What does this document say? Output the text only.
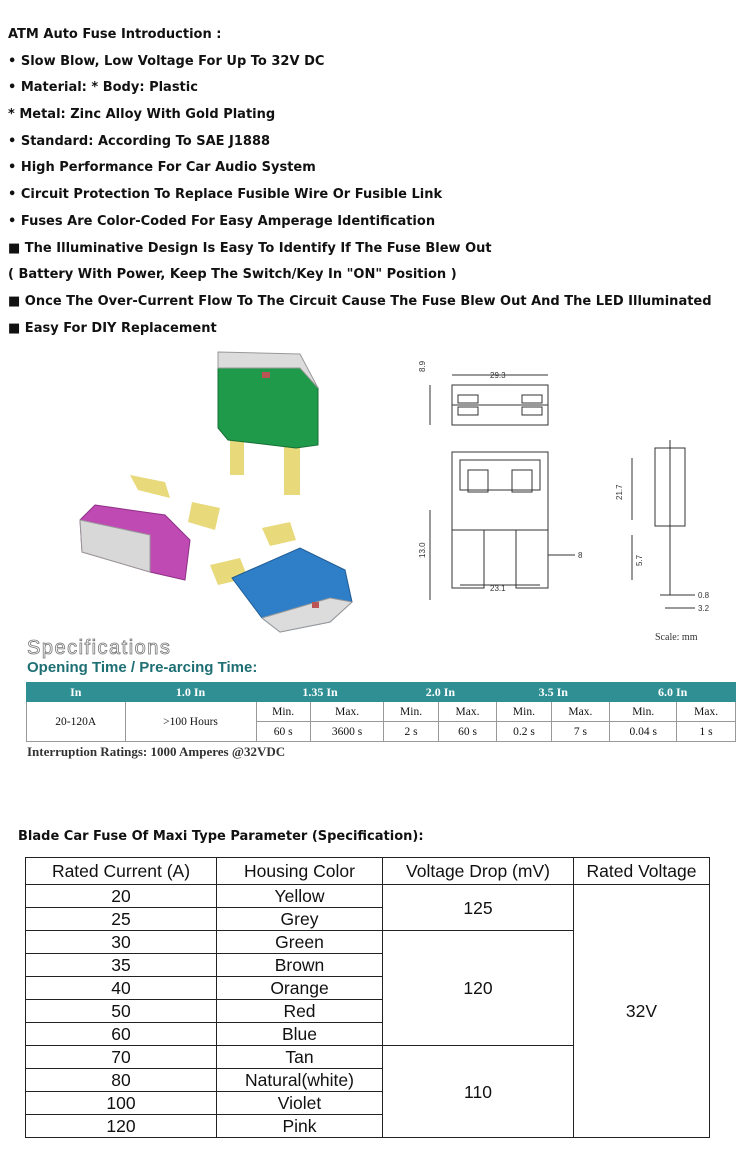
ATM Auto Fuse Introduction :
• Slow Blow, Low Voltage For Up To 32V DC
• Material: * Body: Plastic
* Metal: Zinc Alloy With Gold Plating
• Standard: According To SAE J1888
• High Performance For Car Audio System
• Circuit Protection To Replace Fusible Wire Or Fusible Link
• Fuses Are Color-Coded For Easy Amperage Identification
■ The Illuminative Design Is Easy To Identify If The Fuse Blew Out
( Battery With Power, Keep The Switch/Key In "ON" Position )
■ Once The Over-Current Flow To The Circuit Cause The Fuse Blew Out And The LED Illuminated
■ Easy For DIY Replacement
29.3
8.9
21.7
13.0
23.1
8	5.7
0.8
3.2
Scale: mm
Specifications
Opening Time / Pre-arcing Time:
In	1.0 In	1.35 In		2.0 In		3.5 In		6.0 In	
20-120A	>100 Hours	Min.	Max.	Min.	Max.	Min.	Max.	Min.	Max.
		60 s	3600 s	2 s	60 s	0.2 s	7 s	0.04 s	1 s
Interruption Ratings: 1000 Amperes @32VDC
Blade Car Fuse Of Maxi Type Parameter (Specification):
Rated Current (A)	Housing Color	Voltage Drop (mV)	Rated Voltage
20	Yellow	125	32V
25	Grey		
30	Green	120	
35	Brown		
40	Orange		
50	Red		
60	Blue		
70	Tan	110	
80	Natural(white)		
100	Violet		
120	Pink		
